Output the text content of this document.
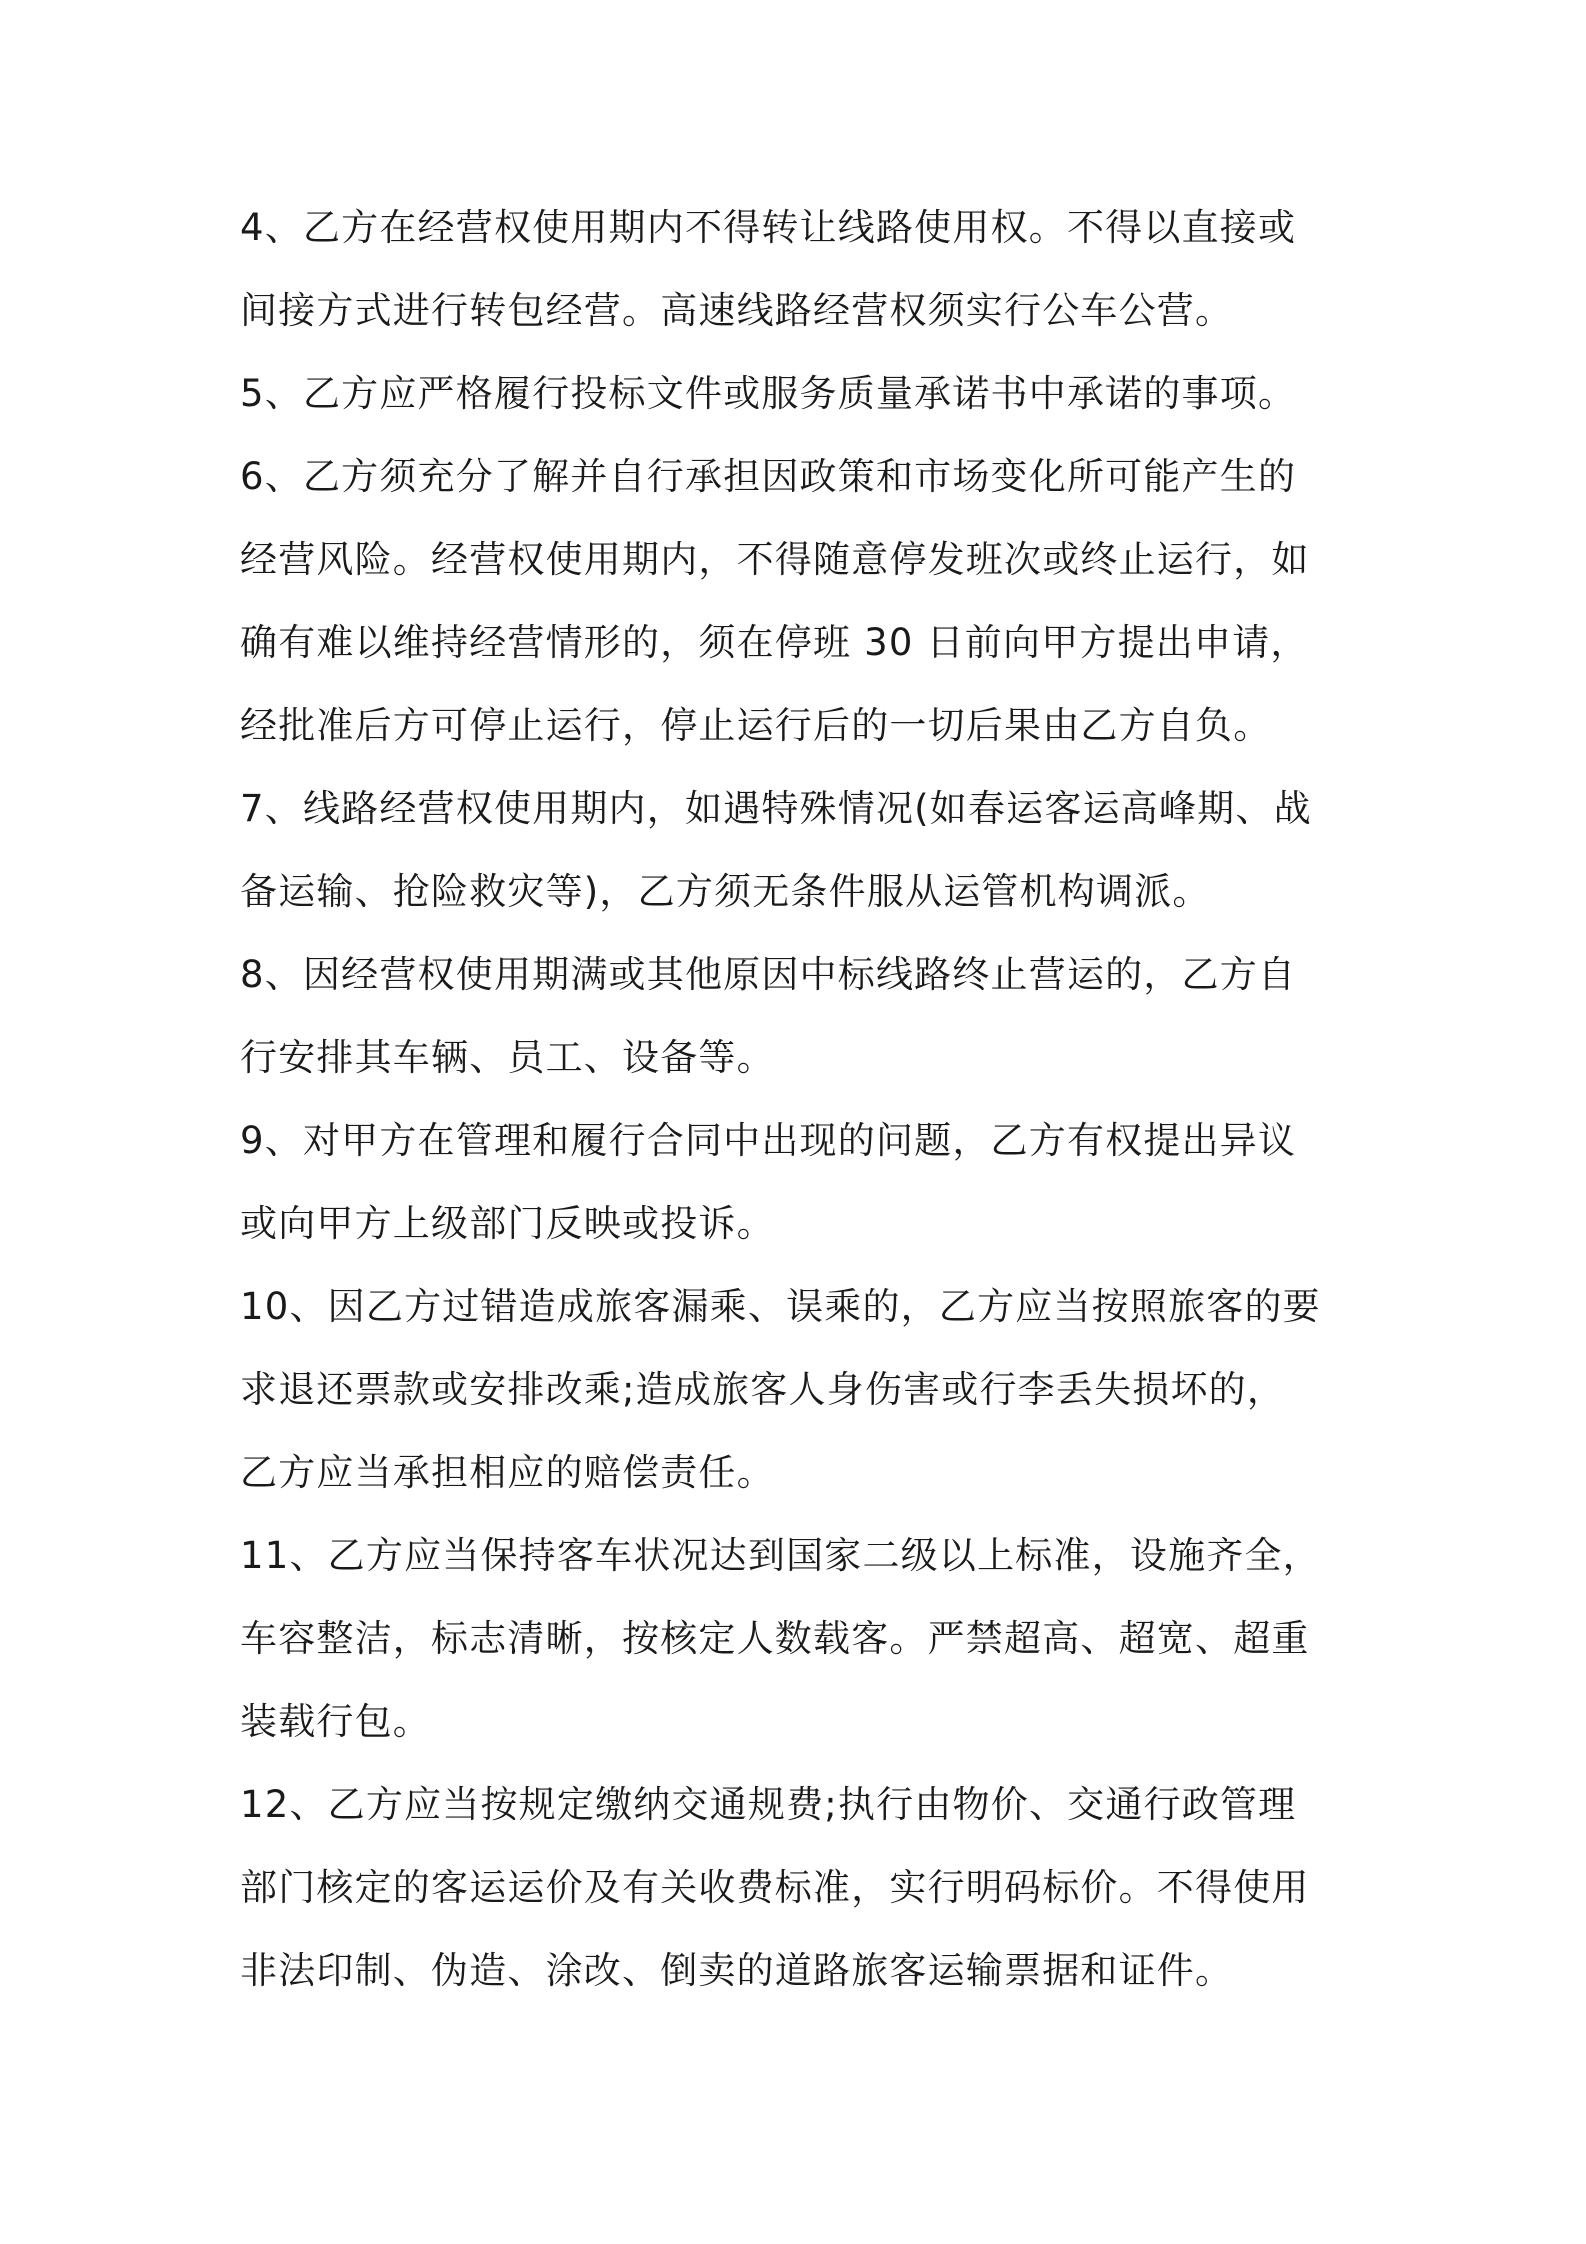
4、乙方在经营权使用期内不得转让线路使用权。不得以直接或
间接方式进行转包经营。高速线路经营权须实行公车公营。
5、乙方应严格履行投标文件或服务质量承诺书中承诺的事项。
6、乙方须充分了解并自行承担因政策和市场变化所可能产生的
经营风险。经营权使用期内，不得随意停发班次或终止运行，如
确有难以维持经营情形的，须在停班 30 日前向甲方提出申请，
经批准后方可停止运行，停止运行后的一切后果由乙方自负。
7、线路经营权使用期内，如遇特殊情况(如春运客运高峰期、战
备运输、抢险救灾等)，乙方须无条件服从运管机构调派。
8、因经营权使用期满或其他原因中标线路终止营运的，乙方自
行安排其车辆、员工、设备等。
9、对甲方在管理和履行合同中出现的问题，乙方有权提出异议
或向甲方上级部门反映或投诉。
10、因乙方过错造成旅客漏乘、误乘的，乙方应当按照旅客的要
求退还票款或安排改乘;造成旅客人身伤害或行李丢失损坏的，
乙方应当承担相应的赔偿责任。
11、乙方应当保持客车状况达到国家二级以上标准，设施齐全，
车容整洁，标志清晰，按核定人数载客。严禁超高、超宽、超重
装载行包。
12、乙方应当按规定缴纳交通规费;执行由物价、交通行政管理
部门核定的客运运价及有关收费标准，实行明码标价。不得使用
非法印制、伪造、涂改、倒卖的道路旅客运输票据和证件。
